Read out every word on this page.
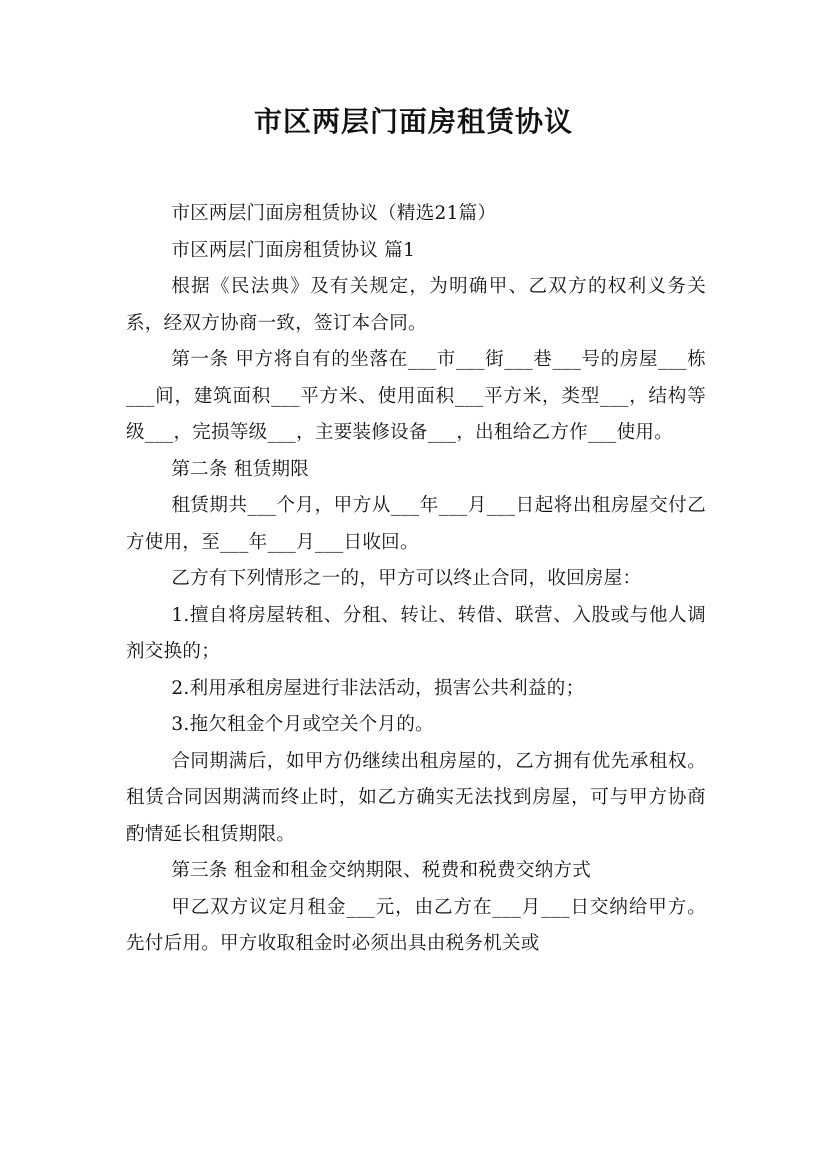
市区两层门面房租赁协议

市区两层门面房租赁协议（精选21篇）

市区两层门面房租赁协议 篇1

根据《民法典》及有关规定，为明确甲、乙双方的权利义务关系，经双方协商一致，签订本合同。

第一条 甲方将自有的坐落在___市___街___巷___号的房屋___栋___间，建筑面积___平方米、使用面积___平方米，类型___，结构等级___，完损等级___，主要装修设备___，出租给乙方作___使用。

第二条 租赁期限

租赁期共___个月，甲方从___年___月___日起将出租房屋交付乙方使用，至___年___月___日收回。

乙方有下列情形之一的，甲方可以终止合同，收回房屋：

1.擅自将房屋转租、分租、转让、转借、联营、入股或与他人调剂交换的；

2.利用承租房屋进行非法活动，损害公共利益的；

3.拖欠租金个月或空关个月的。

合同期满后，如甲方仍继续出租房屋的，乙方拥有优先承租权。租赁合同因期满而终止时，如乙方确实无法找到房屋，可与甲方协商酌情延长租赁期限。

第三条 租金和租金交纳期限、税费和税费交纳方式

甲乙双方议定月租金___元，由乙方在___月___日交纳给甲方。先付后用。甲方收取租金时必须出具由税务机关或
